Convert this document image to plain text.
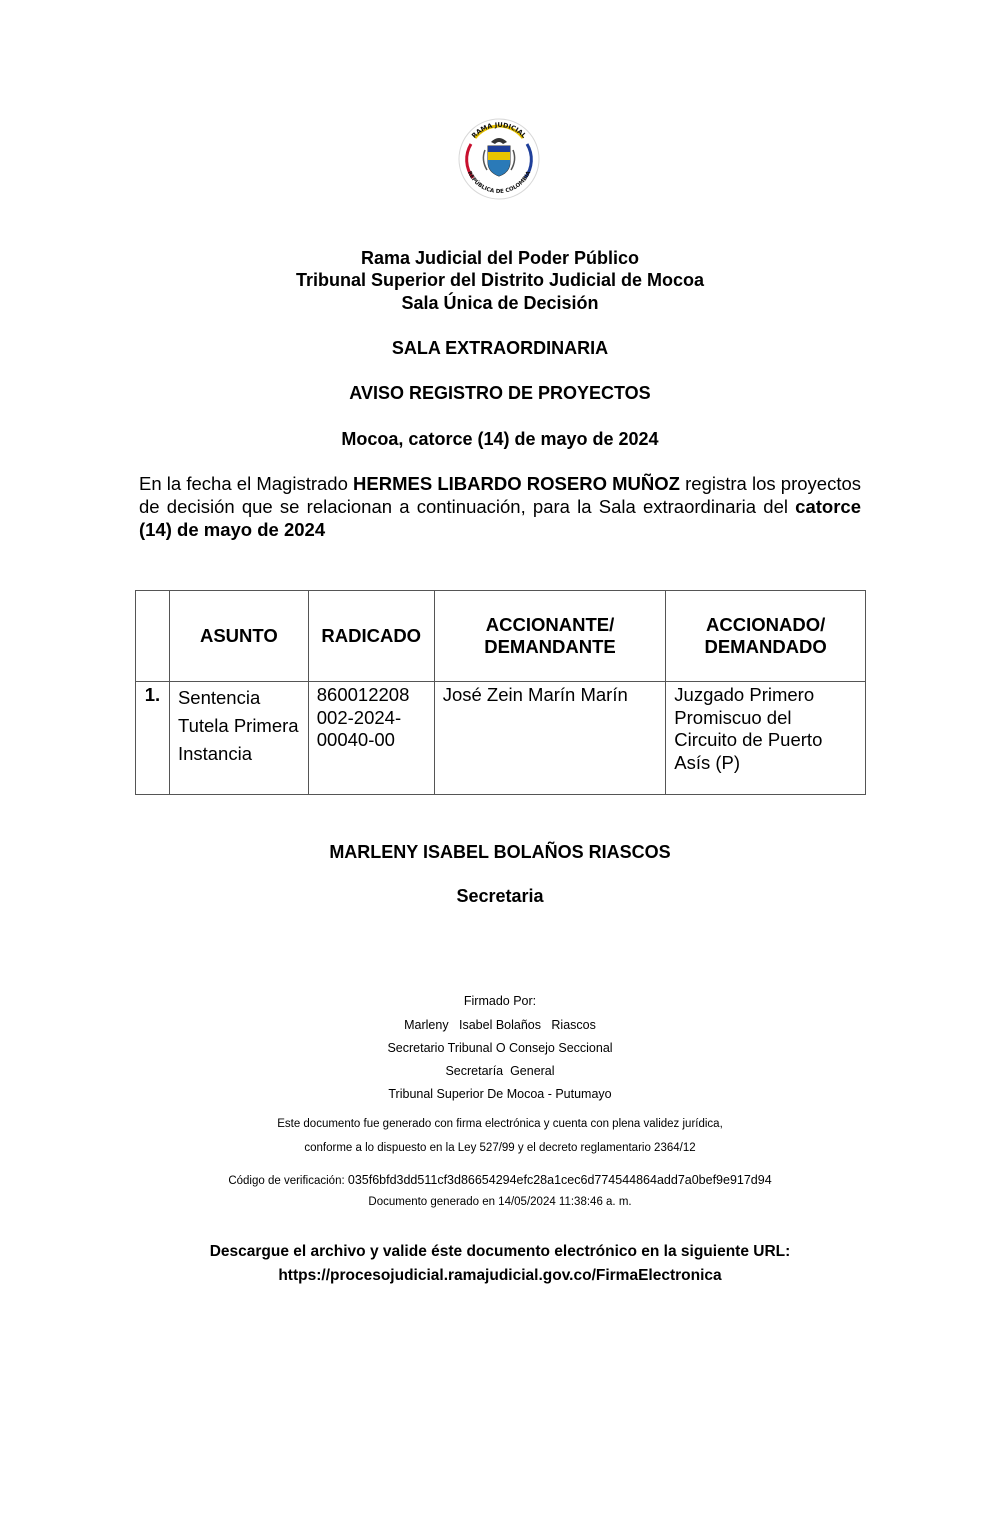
RAMA JUDICIAL
REPÚBLICA DE COLOMBIA
Rama Judicial del Poder Público
Tribunal Superior del Distrito Judicial de Mocoa
Sala Única de Decisión
SALA EXTRAORDINARIA
AVISO REGISTRO DE PROYECTOS
Mocoa, catorce (14) de mayo de 2024
En la fecha el Magistrado HERMES LIBARDO ROSERO MUÑOZ registra los proyectos de decisión que se relacionan a continuación, para la Sala extraordinaria del catorce (14) de mayo de 2024
	ASUNTO	RADICADO	ACCIONANTE/ DEMANDANTE	ACCIONADO/ DEMANDADO
1.	Sentencia Tutela Primera Instancia	860012208 002-2024-00040-00	José Zein Marín Marín	Juzgado Primero Promiscuo del Circuito de Puerto Asís (P)
MARLENY ISABEL BOLAÑOS RIASCOS
Secretaria
Firmado Por:
Marleny   Isabel Bolaños   Riascos
Secretario Tribunal O Consejo Seccional
Secretaría  General
Tribunal Superior De Mocoa - Putumayo
Este documento fue generado con firma electrónica y cuenta con plena validez jurídica,
conforme a lo dispuesto en la Ley 527/99 y el decreto reglamentario 2364/12
Código de verificación: 035f6bfd3dd511cf3d86654294efc28a1cec6d774544864add7a0bef9e917d94
Documento generado en 14/05/2024 11:38:46 a. m.
Descargue el archivo y valide éste documento electrónico en la siguiente URL:
https://procesojudicial.ramajudicial.gov.co/FirmaElectronica
